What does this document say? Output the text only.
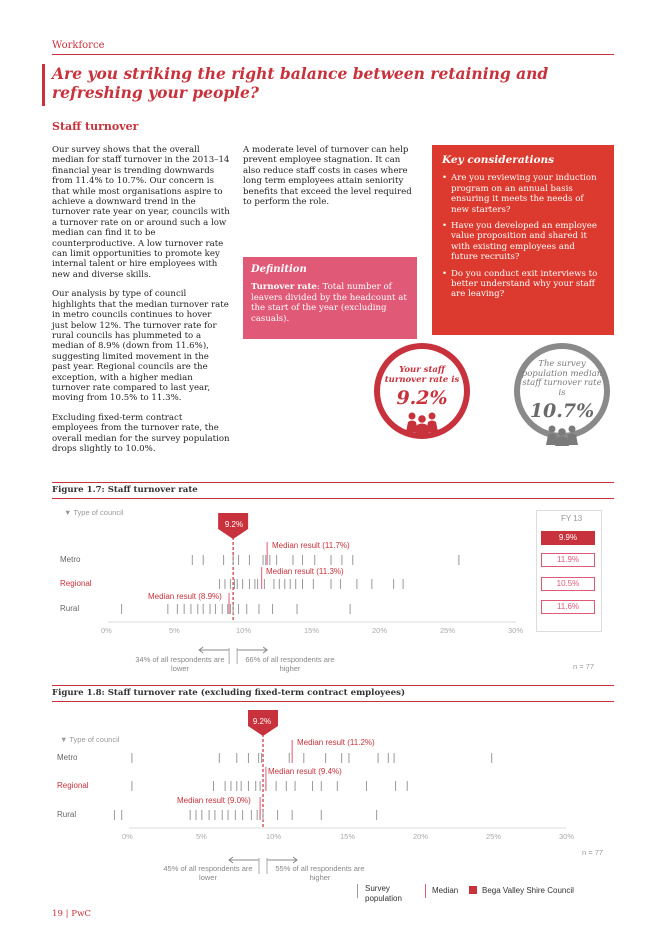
Workforce
Are you striking the right balance between retaining and refreshing your people?
Staff turnover

Our survey shows that the overall median for staff turnover in the 2013–14 financial year is trending downwards from 11.4% to 10.7%. Our concern is that while most organisations aspire to achieve a downward trend in the turnover rate year on year, councils with a turnover rate on or around such a low median can find it to be counterproductive. A low turnover rate can limit opportunities to promote key internal talent or hire employees with new and diverse skills.

Our analysis by type of council highlights that the median turnover rate in metro councils continues to hover just below 12%. The turnover rate for rural councils has plummeted to a median of 8.9% (down from 11.6%), suggesting limited movement in the past year. Regional councils are the exception, with a higher median turnover rate compared to last year, moving from 10.5% to 11.3%.

Excluding fixed-term contract employees from the turnover rate, the overall median for the survey population drops slightly to 10.0%.

A moderate level of turnover can help prevent employee stagnation. It can also reduce staff costs in cases where long term employees attain seniority benefits that exceed the level required to perform the role.

Definition
Turnover rate: Total number of leavers divided by the headcount at the start of the year (excluding casuals).
Key considerations
• Are you reviewing your induction program on an annual basis ensuring it meets the needs of new starters?
• Have you developed an employee value proposition and shared it with existing employees and future recruits?
• Do you conduct exit interviews to better understand why your staff are leaving?
Your staff turnover rate is
9.2%
The survey population median staff turnover rate is
10.7%
Figure 1.7: Staff turnover rate
▼ Type of council
FY 13
9.9%
11.9%
10.5%
11.6%
Metro
Regional
Rural
Median result (11.7%)
Median result (11.3%)
Median result (8.9%)
9.2%
0%	5%	10%	15%	20%	25%	30%
34% of all respondents are lower
66% of all respondents are higher	n = 77
Figure 1.8: Staff turnover rate (excluding fixed-term contract employees)
▼ Type of council
Metro
Regional
Rural
Median result (11.2%)
Median result (9.4%)
Median result (9.0%)
9.2%
0%	5%	10%	15%	20%	25%	30%
n = 77
45% of all respondents are lower
55% of all respondents are higher
Survey population
Median	Bega Valley Shire Council
19 | PwC
